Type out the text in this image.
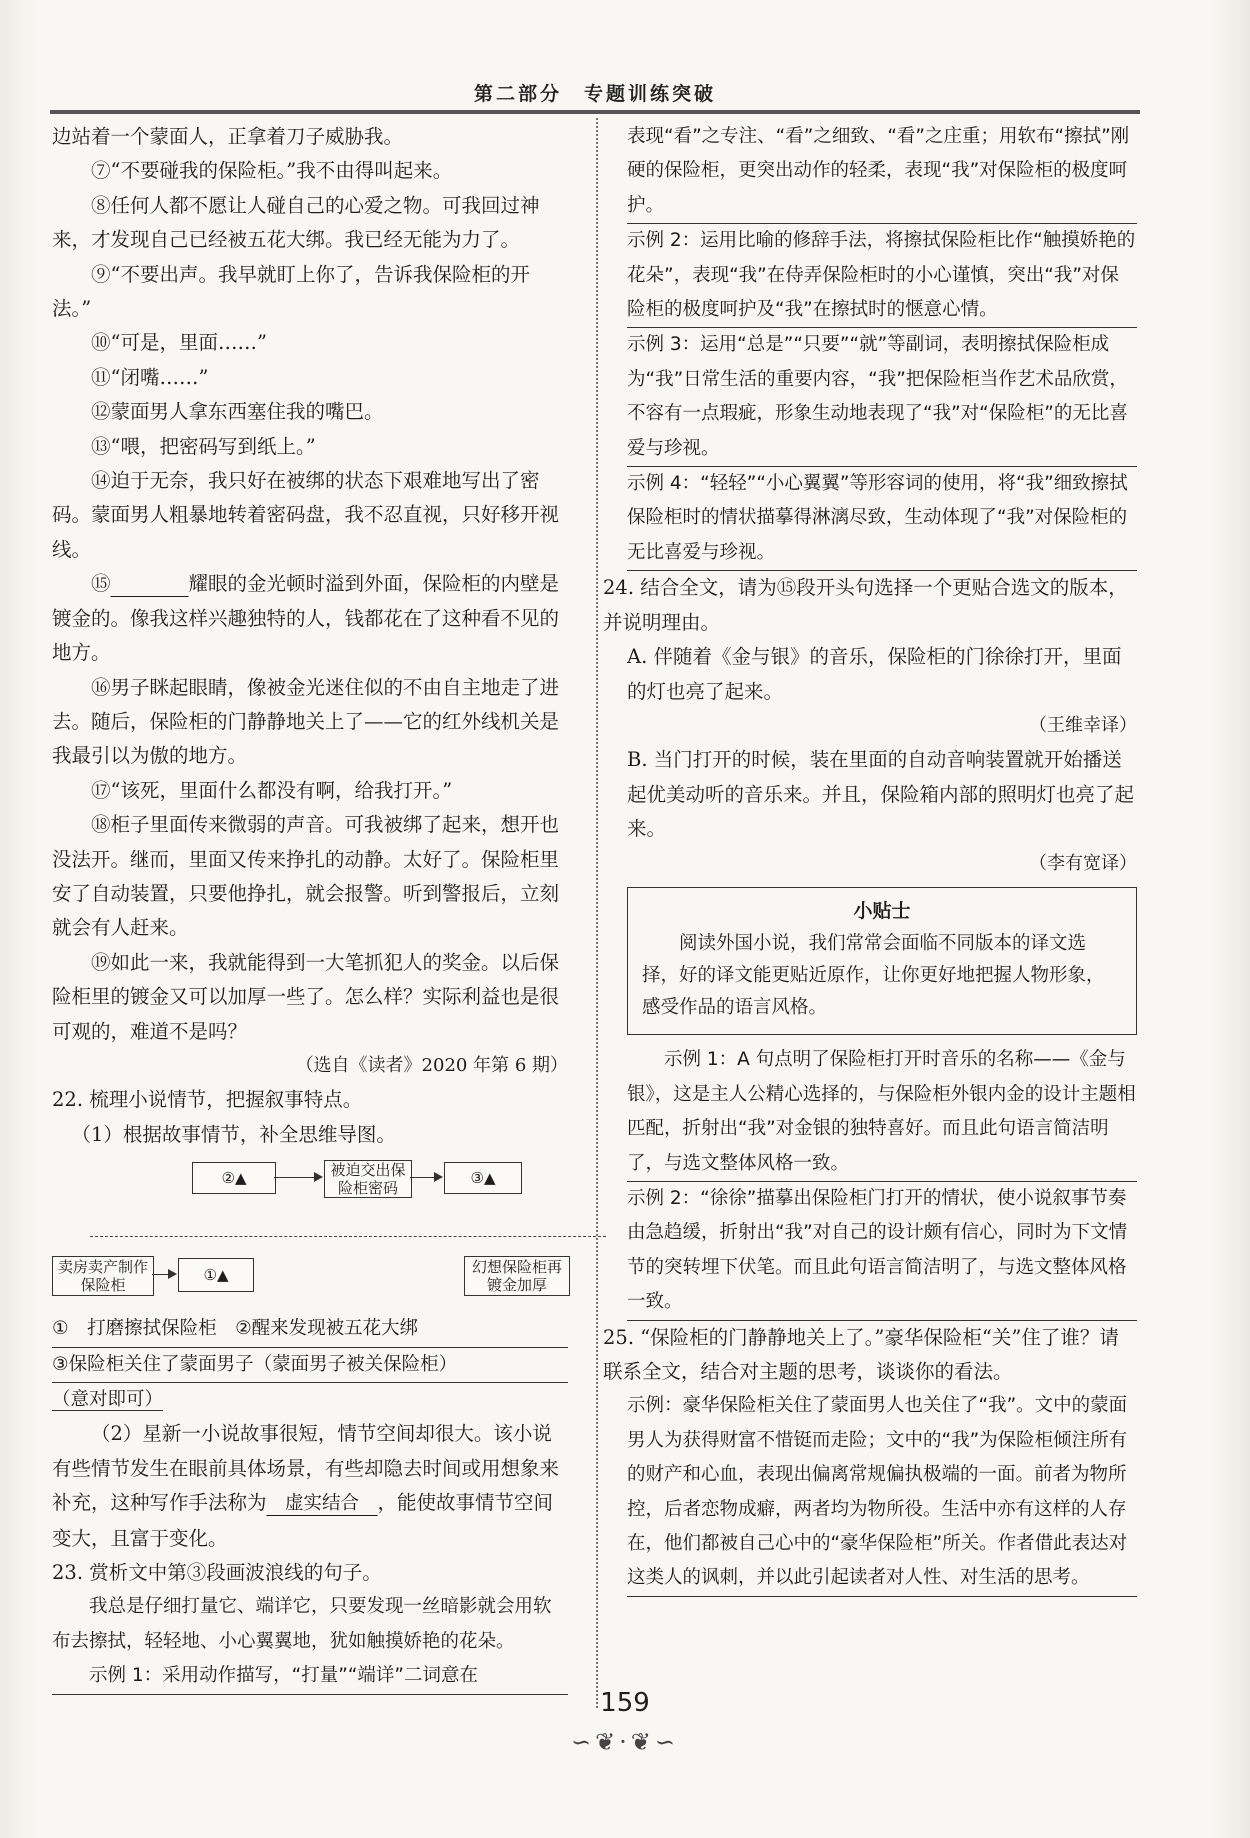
第二部分　专题训练突破

边站着一个蒙面人，正拿着刀子威胁我。

⑦“不要碰我的保险柜。”我不由得叫起来。

⑧任何人都不愿让人碰自己的心爱之物。可我回过神来，才发现自己已经被五花大绑。我已经无能为力了。

⑨“不要出声。我早就盯上你了，告诉我保险柜的开法。”

⑩“可是，里面……”

⑪“闭嘴……”

⑫蒙面男人拿东西塞住我的嘴巴。

⑬“喂，把密码写到纸上。”

⑭迫于无奈，我只好在被绑的状态下艰难地写出了密码。蒙面男人粗暴地转着密码盘，我不忍直视，只好移开视线。

⑮　　　　	耀眼的金光顿时溢到外面，保险柜的内壁是镀金的。像我这样兴趣独特的人，钱都花在了这种看不见的地方。

⑯男子眯起眼睛，像被金光迷住似的不由自主地走了进去。随后，保险柜的门静静地关上了——它的红外线机关是我最引以为傲的地方。

⑰“该死，里面什么都没有啊，给我打开。”

⑱柜子里面传来微弱的声音。可我被绑了起来，想开也没法开。继而，里面又传来挣扎的动静。太好了。保险柜里安了自动装置，只要他挣扎，就会报警。听到警报后，立刻就会有人赶来。

⑲如此一来，我就能得到一大笔抓犯人的奖金。以后保险柜里的镀金又可以加厚一些了。怎么样？实际利益也是很可观的，难道不是吗？

（选自《读者》2020 年第 6 期）

22. 梳理小说情节，把握叙事特点。

（1）根据故事情节，补全思维导图。

②▲	被迫交出保险柜密码
③▲
卖房卖产制作保险柜
①▲	幻想保险柜再镀金加厚

①　打磨擦拭保险柜　②醒来发现被五花大绑

③保险柜关住了蒙面男子（蒙面男子被关保险柜）

（意对即可）

（2）星新一小说故事很短，情节空间却很大。该小说有些情节发生在眼前具体场景，有些却隐去时间或用想象来补充，这种写作手法称为　虚实结合　，能使故事情节空间变大，且富于变化。

23. 赏析文中第③段画波浪线的句子。

我总是仔细打量它、端详它，只要发现一丝暗影就会用软布去擦拭，轻轻地、小心翼翼地，犹如触摸娇艳的花朵。

示例 1：采用动作描写，“打量”“端详”二词意在

表现“看”之专注、“看”之细致、“看”之庄重；用软布“擦拭”刚硬的保险柜，更突出动作的轻柔，表现“我”对保险柜的极度呵护。

示例 2：运用比喻的修辞手法，将擦拭保险柜比作“触摸娇艳的花朵”，表现“我”在侍弄保险柜时的小心谨慎，突出“我”对保险柜的极度呵护及“我”在擦拭时的惬意心情。

示例 3：运用“总是”“只要”“就”等副词，表明擦拭保险柜成为“我”日常生活的重要内容，“我”把保险柜当作艺术品欣赏，不容有一点瑕疵，形象生动地表现了“我”对“保险柜”的无比喜爱与珍视。

示例 4：“轻轻”“小心翼翼”等形容词的使用，将“我”细致擦拭保险柜时的情状描摹得淋漓尽致，生动体现了“我”对保险柜的无比喜爱与珍视。

24. 结合全文，请为⑮段开头句选择一个更贴合选文的版本，并说明理由。

A. 伴随着《金与银》的音乐，保险柜的门徐徐打开，里面的灯也亮了起来。

（王维幸译）

B. 当门打开的时候，装在里面的自动音响装置就开始播送起优美动听的音乐来。并且，保险箱内部的照明灯也亮了起来。

（李有宽译）

小贴士
阅读外国小说，我们常常会面临不同版本的译文选择，好的译文能更贴近原作，让你更好地把握人物形象，感受作品的语言风格。

示例 1：A 句点明了保险柜打开时音乐的名称——《金与银》，这是主人公精心选择的，与保险柜外银内金的设计主题相匹配，折射出“我”对金银的独特喜好。而且此句语言简洁明了，与选文整体风格一致。

示例 2：“徐徐”描摹出保险柜门打开的情状，使小说叙事节奏由急趋缓，折射出“我”对自己的设计颇有信心，同时为下文情节的突转埋下伏笔。而且此句语言简洁明了，与选文整体风格一致。

25. “保险柜的门静静地关上了。”豪华保险柜“关”住了谁？请联系全文，结合对主题的思考，谈谈你的看法。

示例：豪华保险柜关住了蒙面男人也关住了“我”。文中的蒙面男人为获得财富不惜铤而走险；文中的“我”为保险柜倾注所有的财产和心血，表现出偏离常规偏执极端的一面。前者为物所控，后者恋物成癖，两者均为物所役。生活中亦有这样的人存在，他们都被自己心中的“豪华保险柜”所关。作者借此表达对这类人的讽刺，并以此引起读者对人性、对生活的思考。

159
∽❦·❦∽
